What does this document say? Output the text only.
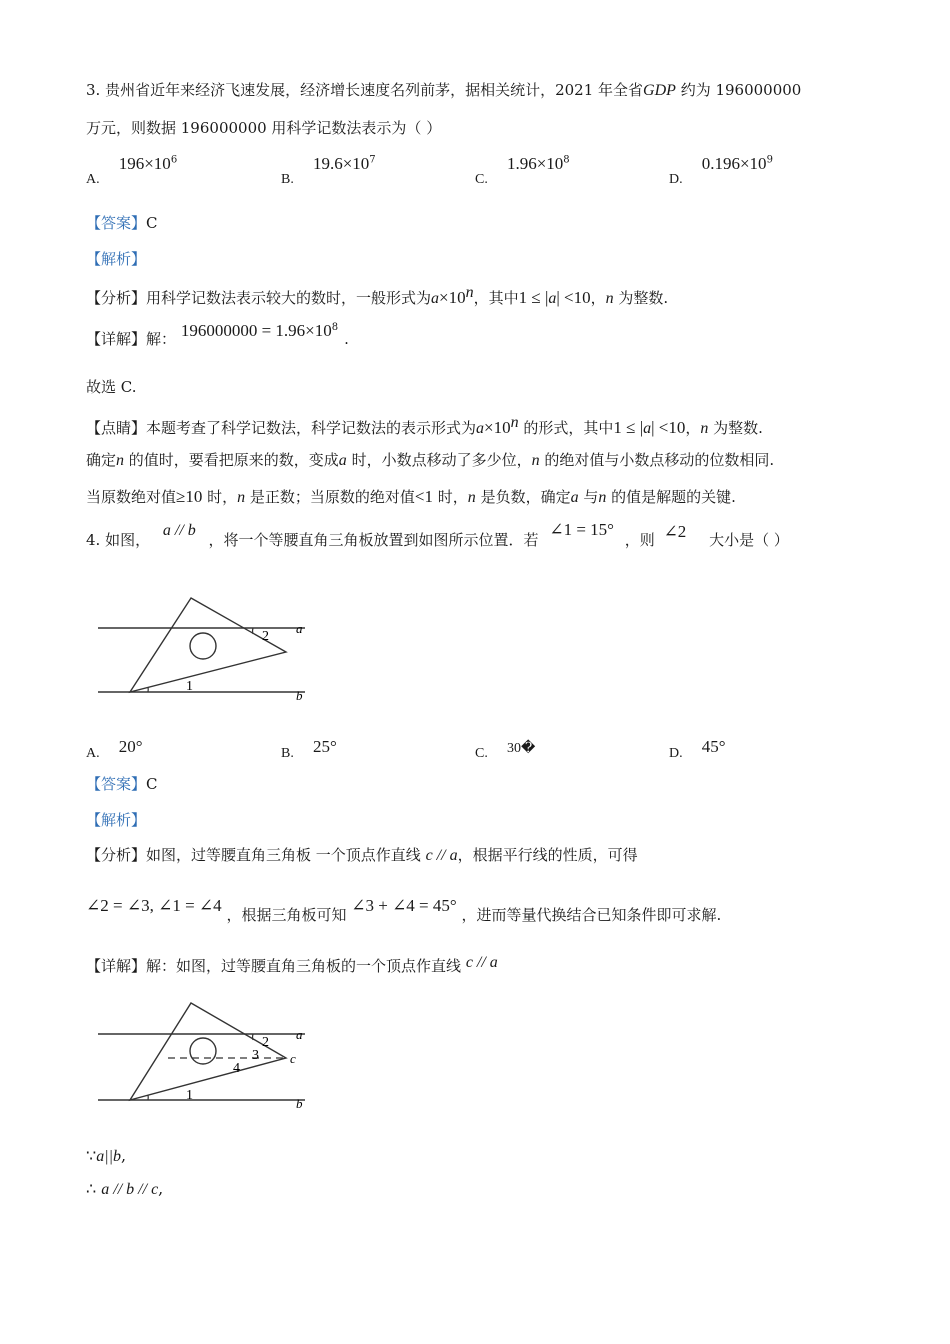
3. 贵州省近年来经济飞速发展，经济增长速度名列前茅，据相关统计，2021 年全省GDP 约为 196000000
万元，则数据 196000000 用科学记数法表示为（ ）
A. $196\times 10^6$
B. $19.6\times 10^7$
C. $1.96\times 10^8$
D. $0.196\times 10^9$
【答案】C
【解析】
【分析】用科学记数法表示较大的数时，一般形式为$a\times 10^n$，其中1 ≤ |a| <10，n 为整数.
【详解】解： $196000000 = 1.96\times 10^8$.
故选 C.
【点睛】本题考查了科学记数法，科学记数法的表示形式为$a\times 10^n$ 的形式，其中1 ≤ |a| <10，n 为整数.
确定n 的值时，要看把原来的数，变成a 时，小数点移动了多少位，n 的绝对值与小数点移动的位数相同.
当原数绝对值≥10 时，n 是正数；当原数的绝对值<1 时，n 是负数，确定a 与n 的值是解题的关键.
4. 如图， a // b ，将一个等腰直角三角板放置到如图所示位置．若 ∠1 = 15° ，则 ∠2 大小是（ ）
a
b
1
2
A. 20°	B. 25°	C. 30�	D. 45°
【答案】C
【解析】
【分析】如图，过等腰直角三角板 一个顶点作直线 c // a，根据平行线的性质，可得
∠2 = ∠3, ∠1 = ∠4 ，根据三角板可知 ∠3 + ∠4 = 45° ，进而等量代换结合已知条件即可求解.
【详解】解：如图，过等腰直角三角板的一个顶点作直线 c // a
a
b
c
1
2
3
4
∵a||b,
∴ a // b // c,
